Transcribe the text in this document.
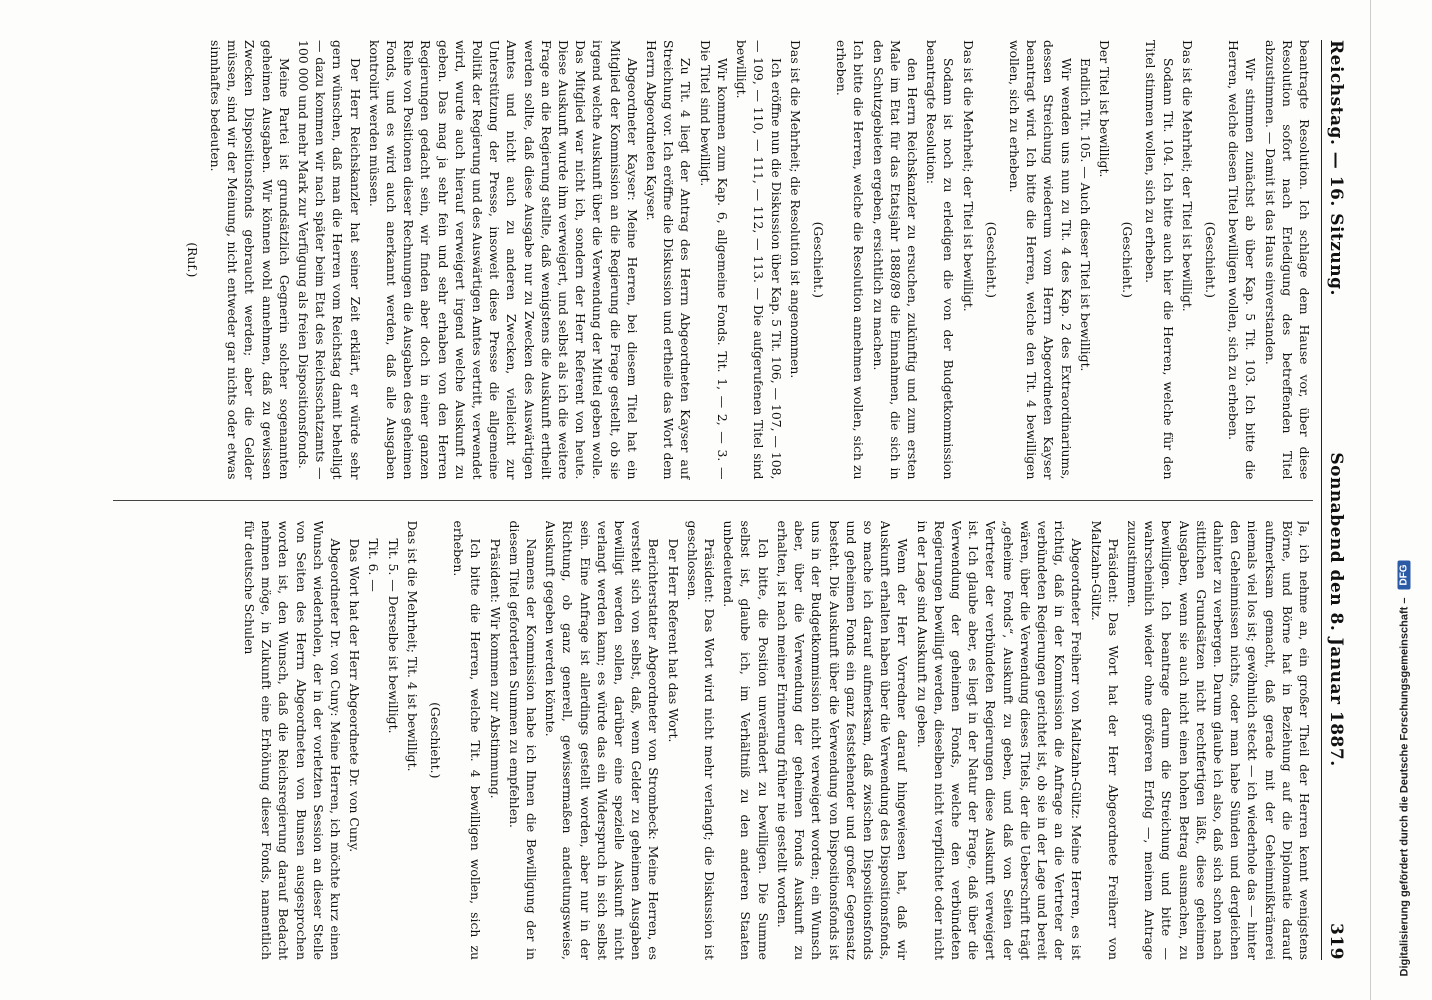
Reichstag. — 16. Sitzung.
Sonnabend den 8. Januar 1887.
319

beantragte Resolution. Ich schlage dem Hause vor, über diese Resolution sofort nach Erledigung des betreffenden Titel abzustimmen. — Damit ist das Haus einverstanden.

Wir stimmen zunächst ab über Kap. 5 Tit. 103. Ich bitte die Herren, welche diesen Titel bewilligen wollen, sich zu erheben.

(Geschieht.)

Das ist die Mehrheit; der Titel ist bewilligt.

Sodann Tit. 104. Ich bitte auch hier die Herren, welche für den Titel stimmen wollen, sich zu erheben.

(Geschieht.)

Der Titel ist bewilligt.

Endlich Tit. 105. — Auch dieser Titel ist bewilligt.

Wir wenden uns nun zu Tit. 4 des Kap. 2 des Extraordinariums, dessen Streichung wiederum vom Herrn Abgeordneten Kayser beantragt wird. Ich bitte die Herren, welche den Tit. 4 bewilligen wollen, sich zu erheben.

(Geschieht.)

Das ist die Mehrheit; der Titel ist bewilligt.

Sodann ist noch zu erledigen die von der Budgetkommission beantragte Resolution:

den Herrn Reichskanzler zu ersuchen, zukünftig und zum ersten Male im Etat für das Etatsjahr 1888/89 die Einnahmen, die sich in den Schutzgebieten ergeben, ersichtlich zu machen.

Ich bitte die Herren, welche die Resolution annehmen wollen, sich zu erheben.

(Geschieht.)

Das ist die Mehrheit; die Resolution ist angenommen.

Ich eröffne nun die Diskussion über Kap. 5 Tit. 106, — 107, — 108, — 109, — 110, — 111, — 112, — 113. — Die aufgerufenen Titel sind bewilligt.

Wir kommen zum Kap. 6, allgemeine Fonds. Tit. 1, — 2, — 3. — Die Titel sind bewilligt.

Zu Tit. 4 liegt der Antrag des Herrn Abgeordneten Kayser auf Streichung vor. Ich eröffne die Diskussion und ertheile das Wort dem Herrn Abgeordneten Kayser.

Abgeordneter Kayser: Meine Herren, bei diesem Titel hat ein Mitglied der Kommission an die Regierung die Frage gestellt, ob sie irgend welche Auskunft über die Verwendung der Mittel geben wolle. Das Mitglied war nicht ich, sondern der Herr Referent von heute. Diese Auskunft wurde ihm verweigert, und selbst als ich die weitere Frage an die Regierung stellte, daß wenigstens die Auskunft ertheilt werden sollte, daß diese Ausgabe nur zu Zwecken des Auswärtigen Amtes und nicht auch zu anderen Zwecken, vielleicht zur Unterstützung der Presse, insoweit diese Presse die allgemeine Politik der Regierung und des Auswärtigen Amtes vertritt, verwendet wird, wurde auch hierauf verweigert irgend welche Auskunft zu geben. Das mag ja sehr fein und sehr erhaben von den Herren Regierungen gedacht sein, wir finden aber doch in einer ganzen Reihe von Positionen dieser Rechnungen die Ausgaben des geheimen Fonds, und es wird auch anerkannt werden, daß alle Ausgaben kontrolirt werden müssen.

Der Herr Reichskanzler hat seiner Zeit erklärt, er würde sehr gern wünschen, daß man die Herren vom Reichstag damit behelligt — dazu kommen wir nach später beim Etat des Reichsschatzamts — 100 000 und mehr Mark zur Verfügung als freien Dispositionsfonds.

Meine Partei ist grundsätzlich Gegnerin solcher sogenannten geheimen Ausgaben. Wir können wohl annehmen, daß zu gewissen Zwecken Dispositionsfonds gebraucht werden; aber die Gelder müssen, sind wir der Meinung, nicht entweder gar nichts oder etwas sinnhaftes bedeuten.

(Ruf.)

Ja, ich nehme an, ein großer Theil der Herren kennt wenigstens Börne, und Börne hat in Beziehung auf die Diplomatie darauf aufmerksam gemacht, daß gerade mit der Geheimnißkrämerei niemals viel los ist; gewöhnlich steckt — ich wiederhole das — hinter den Geheimnissen nichts, oder man habe Sünden und dergleichen dahinter zu verbergen. Darum glaube ich also, daß sich schon nach sittlichen Grundsätzen nicht rechtfertigen läßt, diese geheimen Ausgaben, wenn sie auch nicht einen hohen Betrag ausmachen, zu bewilligen. Ich beantrage darum die Streichung und bitte — wahrscheinlich wieder ohne größeren Erfolg —, meinem Antrage zuzustimmen.

Präsident: Das Wort hat der Herr Abgeordnete Freiherr von Maltzahn-Gültz.

Abgeordneter Freiherr von Maltzahn-Gültz: Meine Herren, es ist richtig, daß in der Kommission die Anfrage an die Vertreter der verbündeten Regierungen gerichtet ist, ob sie in der Lage und bereit wären, über die Verwendung dieses Titels, der die Ueberschrift trägt „geheime Fonds“, Auskunft zu geben, und daß von Seiten der Vertreter der verbündeten Regierungen diese Auskunft verweigert ist. Ich glaube aber, es liegt in der Natur der Frage, daß über die Verwendung der geheimen Fonds, welche den verbündeten Regierungen bewilligt werden, dieselben nicht verpflichtet oder nicht in der Lage sind Auskunft zu geben.

Wenn der Herr Vorredner darauf hingewiesen hat, daß wir Auskunft erhalten haben über die Verwendung des Dispositionsfonds, so mache ich darauf aufmerksam, daß zwischen Dispositionsfonds und geheimen Fonds ein ganz feststehender und großer Gegensatz besteht. Die Auskunft über die Verwendung von Dispositionsfonds ist uns in der Budgetkommission nicht verweigert worden; ein Wunsch aber, über die Verwendung der geheimen Fonds Auskunft zu erhalten, ist nach meiner Erinnerung früher nie gestellt worden.

Ich bitte, die Position unverändert zu bewilligen. Die Summe selbst ist, glaube ich, im Verhältniß zu den anderen Staaten unbedeutend.

Präsident: Das Wort wird nicht mehr verlangt; die Diskussion ist geschlossen.

Der Herr Referent hat das Wort.

Berichterstatter Abgeordneter von Strombeck: Meine Herren, es versteht sich von selbst, daß, wenn Gelder zu geheimen Ausgaben bewilligt werden sollen, darüber eine spezielle Auskunft nicht verlangt werden kann; es würde das ein Widerspruch in sich selbst sein. Eine Anfrage ist allerdings gestellt worden, aber nur in der Richtung, ob ganz generell, gewissermaßen andeutungsweise, Auskunft gegeben werden könnte.

Namens der Kommission habe ich Ihnen die Bewilligung der in diesem Titel geforderten Summen zu empfehlen.

Präsident: Wir kommen zur Abstimmung.

Ich bitte die Herren, welche Tit. 4 bewilligen wollen, sich zu erheben.

(Geschieht.)

Das ist die Mehrheit; Tit. 4 ist bewilligt.

Tit. 5. — Derselbe ist bewilligt.

Tit. 6. —

Das Wort hat der Herr Abgeordnete Dr. von Cuny.

Abgeordneter Dr. von Cuny: Meine Herren, ich möchte kurz einen Wunsch wiederholen, der in der vorletzten Session an dieser Stelle von Seiten des Herrn Abgeordneten von Bunsen ausgesprochen worden ist, den Wunsch, daß die Reichsregierung darauf Bedacht nehmen möge, in Zukunft eine Erhöhung dieser Fonds, namentlich für deutsche Schulen

Digitalisierung gefördert durch die Deutsche Forschungsgemeinschaft –
DFG
